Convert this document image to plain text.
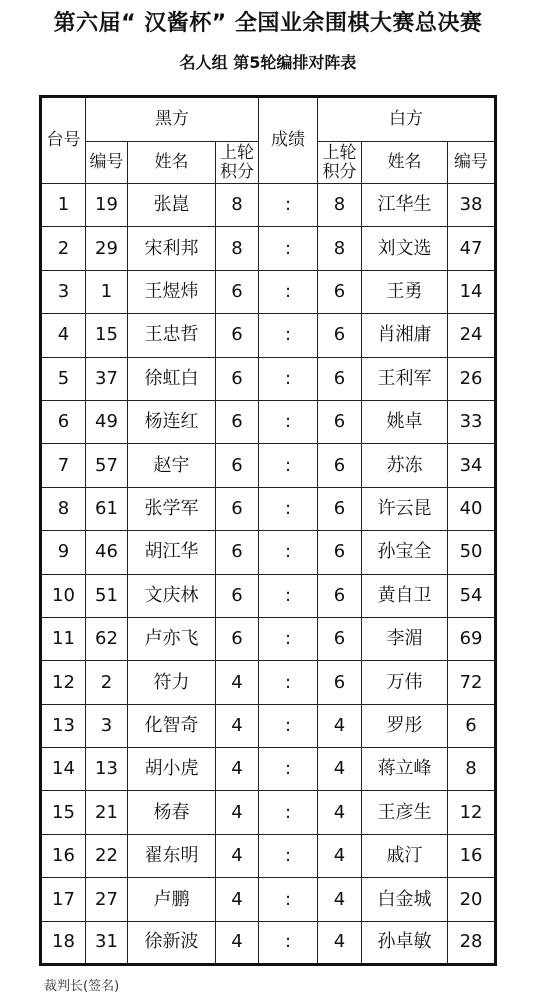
第六届“ 汉酱杯” 全国业余围棋大赛总决赛
名人组 第5轮编排对阵表
台号	黑方			成绩	白方		
	编号	姓名	上轮积分		上轮积分	姓名	编号
1	19	张崑	8	:	8	江华生	38
2	29	宋利邦	8	:	8	刘文选	47
3	1	王煜炜	6	:	6	王勇	14
4	15	王忠哲	6	:	6	肖湘庸	24
5	37	徐虹白	6	:	6	王利军	26
6	49	杨连红	6	:	6	姚卓	33
7	57	赵宇	6	:	6	苏冻	34
8	61	张学军	6	:	6	许云昆	40
9	46	胡江华	6	:	6	孙宝全	50
10	51	文庆林	6	:	6	黄自卫	54
11	62	卢亦飞	6	:	6	李湄	69
12	2	符力	4	:	6	万伟	72
13	3	化智奇	4	:	4	罗彤	6
14	13	胡小虎	4	:	4	蒋立峰	8
15	21	杨春	4	:	4	王彦生	12
16	22	翟东明	4	:	4	戚汀	16
17	27	卢鹏	4	:	4	白金城	20
18	31	徐新波	4	:	4	孙卓敏	28
裁判长(签名)
